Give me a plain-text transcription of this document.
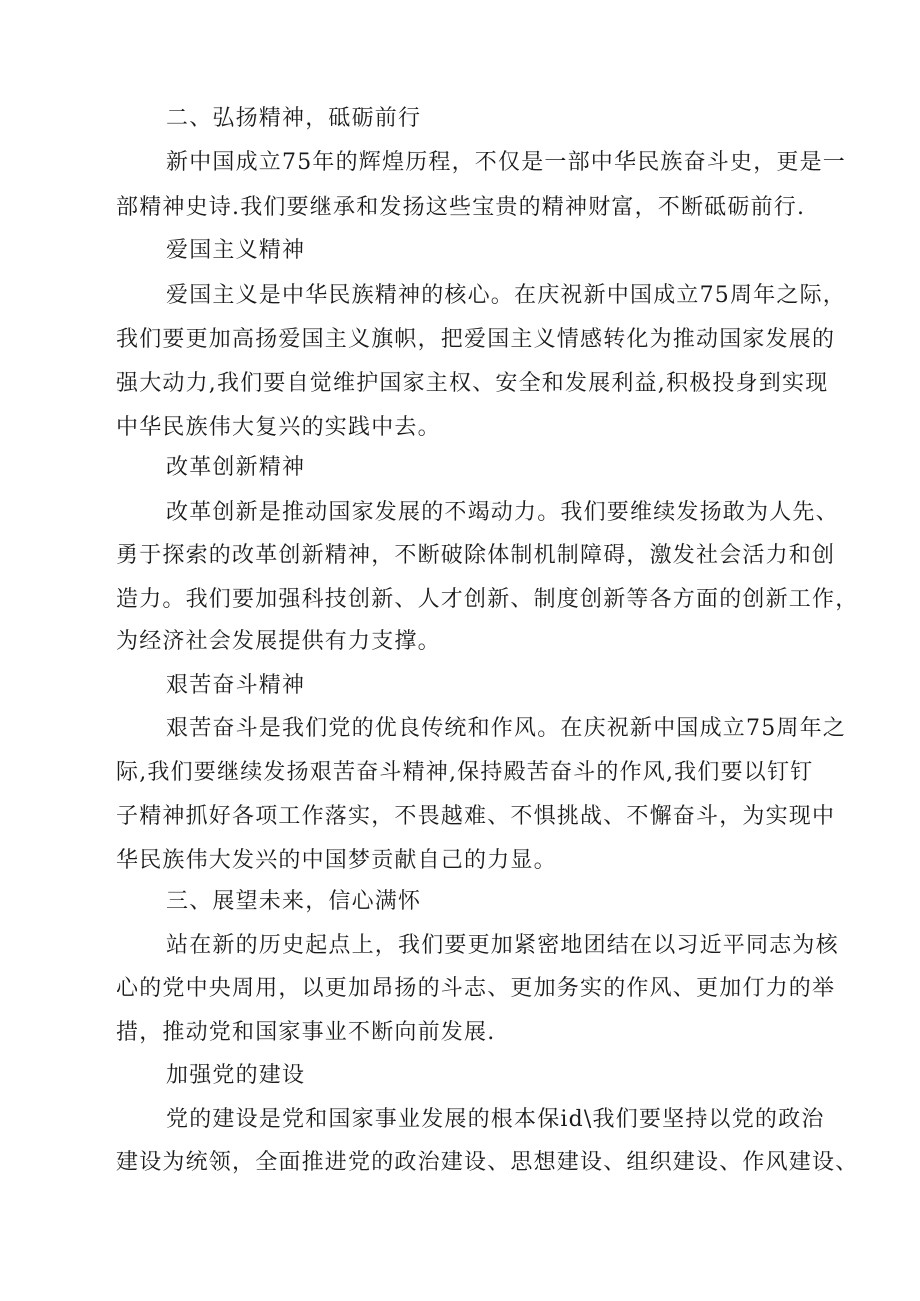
二、弘扬精神，砥砺前行
新中国成立75年的辉煌历程，不仅是一部中华民族奋斗史，更是一
部精神史诗.我们要继承和发扬这些宝贵的精神财富，不断砥砺前行.
爱国主义精神
爱国主义是中华民族精神的核心。在庆祝新中国成立75周年之际，
我们要更加高扬爱国主义旗帜，把爱国主义情感转化为推动国家发展的
强大动力,我们要自觉维护国家主权、安全和发展利益,积极投身到实现
中华民族伟大复兴的实践中去。
改革创新精神
改革创新是推动国家发展的不竭动力。我们要维续发扬敢为人先、
勇于探索的改革创新精神，不断破除体制机制障碍，激发社会活力和创
造力。我们要加强科技创新、人才创新、制度创新等各方面的创新工作，
为经济社会发展提供有力支撑。
艰苦奋斗精神
艰苦奋斗是我们党的优良传统和作风。在庆祝新中国成立75周年之
际,我们要继续发扬艰苦奋斗精神,保持殿苦奋斗的作风,我们要以钉钉
子精神抓好各项工作落实，不畏越难、不惧挑战、不懈奋斗，为实现中
华民族伟大发兴的中国梦贡献自己的力显。
三、展望未来，信心满怀
站在新的历史起点上，我们要更加紧密地团结在以习近平同志为核
心的党中央周用，以更加昂扬的斗志、更加务实的作风、更加仃力的举
措，推动党和国家事业不断向前发展.
加强党的建设
党的建设是党和国家事业发展的根本保id\我们要坚持以党的政治
建设为统领，全面推进党的政治建设、思想建设、组织建设、作风建设、
